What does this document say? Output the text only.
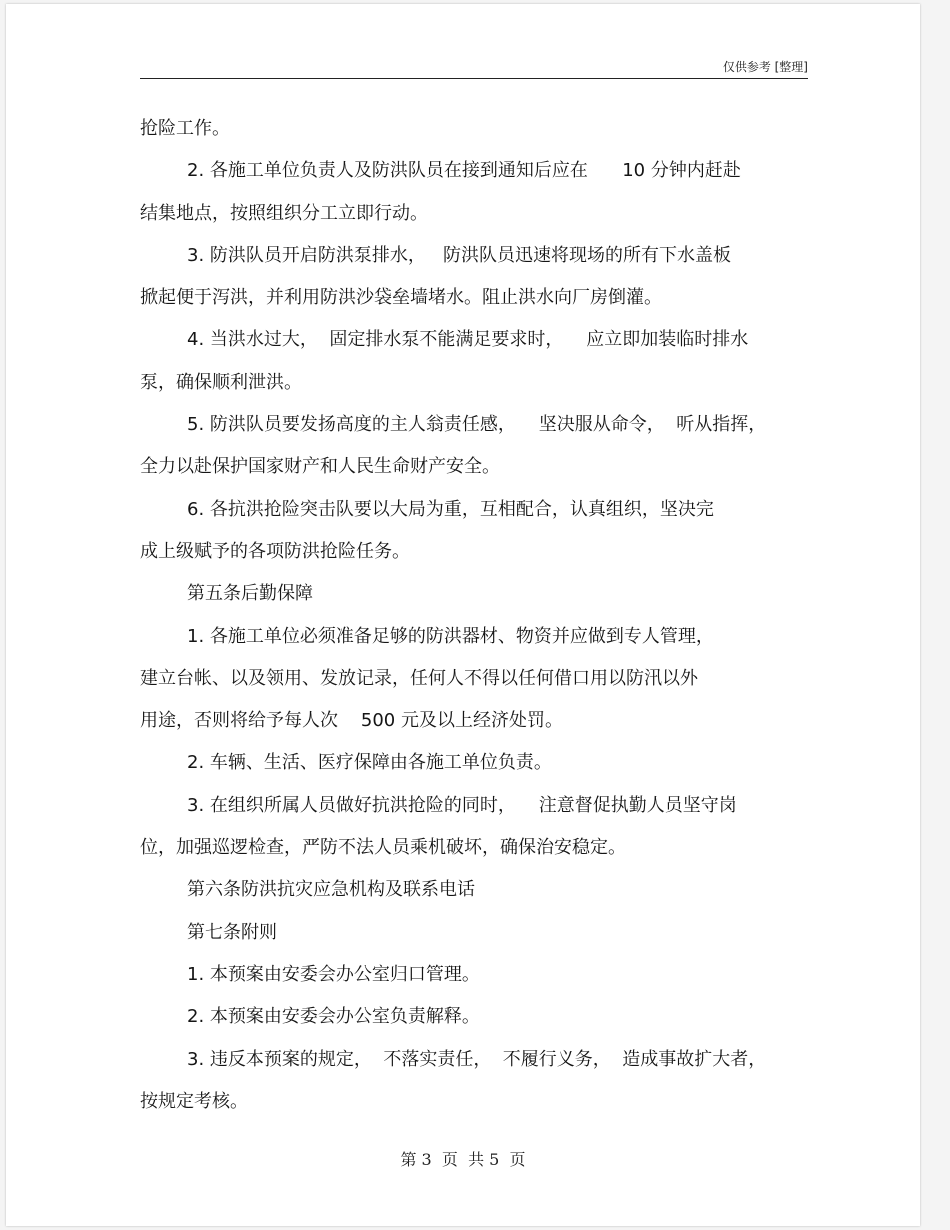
仅供参考 [整理]
抢险工作。
2. 各施工单位负责人及防洪队员在接到通知后应在      10 分钟内赶赴
结集地点，按照组织分工立即行动。
3. 防洪队员开启防洪泵排水，   防洪队员迅速将现场的所有下水盖板
掀起便于泻洪，并利用防洪沙袋垒墙堵水。阻止洪水向厂房倒灌。
4. 当洪水过大，  固定排水泵不能满足要求时，    应立即加装临时排水
泵，确保顺利泄洪。
5. 防洪队员要发扬高度的主人翁责任感，    坚决服从命令，  听从指挥，
全力以赴保护国家财产和人民生命财产安全。
6. 各抗洪抢险突击队要以大局为重，互相配合，认真组织，坚决完
成上级赋予的各项防洪抢险任务。
第五条后勤保障
1. 各施工单位必须准备足够的防洪器材、物资并应做到专人管理，
建立台帐、以及领用、发放记录，任何人不得以任何借口用以防汛以外
用途，否则将给予每人次    500 元及以上经济处罚。
2. 车辆、生活、医疗保障由各施工单位负责。
3. 在组织所属人员做好抗洪抢险的同时，    注意督促执勤人员坚守岗
位，加强巡逻检查，严防不法人员乘机破坏，确保治安稳定。
第六条防洪抗灾应急机构及联系电话
第七条附则
1. 本预案由安委会办公室归口管理。
2. 本预案由安委会办公室负责解释。
3. 违反本预案的规定，  不落实责任，  不履行义务，  造成事故扩大者，
按规定考核。
第 3  页  共 5  页
